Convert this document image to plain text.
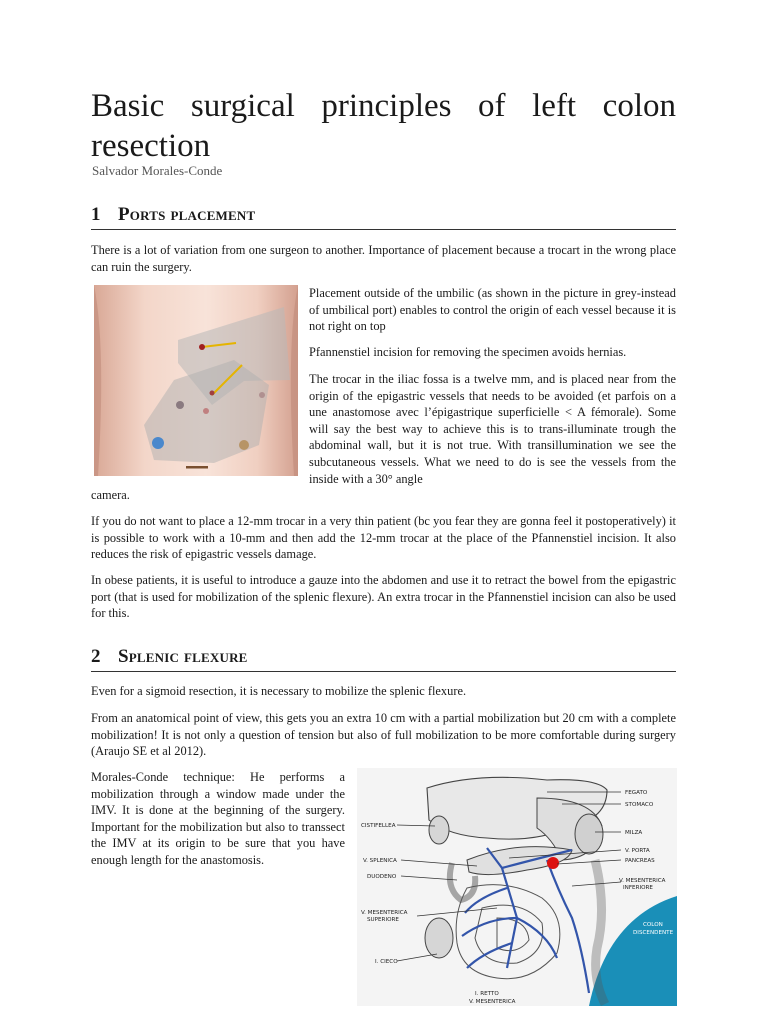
Basic surgical principles of left colon resection
Salvador Morales-Conde
1 Ports placement

There is a lot of variation from one surgeon to another. Importance of placement because a trocart in the wrong place can ruin the surgery.

Placement outside of the umbilic (as shown in the picture in grey-instead of umbilical port) enables to control the origin of each vessel because it is not right on top

Pfannenstiel incision for removing the specimen avoids hernias.

The trocar in the iliac fossa is a twelve mm, and is placed near from the origin of the epigastric vessels that needs to be avoided (et parfois on a une anastomose avec l’épigastrique superficielle < A fémorale). Some will say the best way to achieve this is to trans-illuminate trough the abdominal wall, but it is not true. With transillumination we see the subcutaneous vessels. What we need to do is see the vessels from the inside with a 30° angle

camera.

If you do not want to place a 12-mm trocar in a very thin patient (bc you fear they are gonna feel it postoperatively) it is possible to work with a 10-mm and then add the 12-mm trocar at the place of the Pfannenstiel incision. It also reduces the risk of epigastric vessels damage.

In obese patients, it is useful to introduce a gauze into the abdomen and use it to retract the bowel from the epigastric port (that is used for mobilization of the splenic flexure). An extra trocar in the Pfannenstiel incision can also be used for this.

2 Splenic flexure

Even for a sigmoid resection, it is necessary to mobilize the splenic flexure.

From an anatomical point of view, this gets you an extra 10 cm with a partial mobilization but 20 cm with a complete mobilization! It is not only a question of tension but also of full mobilization to be more comfortable during surgery (Araujo SE et al 2012).

Morales-Conde technique: He performs a mobilization through a window made under the IMV. It is done at the beginning of the surgery. Important for the mobilization but also to transsect the IMV at its origin to be sure that you have enough length for the anastomosis.

FEGATO
STOMACO
CISTIFELLEA
MILZA
V. PORTA
PANCREAS
V. SPLENICA
DUODENO
V. MESENTERICA
INFERIORE
V. MESENTERICA
SUPERIORE
I. CIECO
COLON
DISCENDENTE
I. RETTO
V. MESENTERICA
